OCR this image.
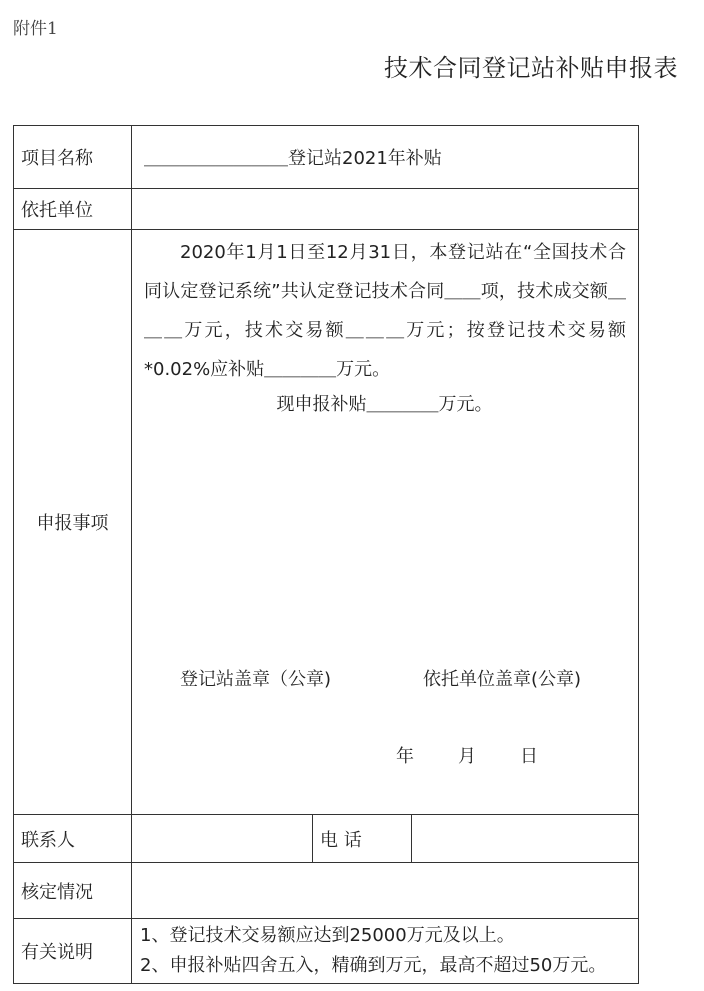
附件1
技术合同登记站补贴申报表
项目名称	＿＿＿＿＿＿＿＿登记站2021年补贴		
依托单位			
申报事项	2020年1月1日至12月31日，本登记站在“全国技术合同认定登记系统”共认定登记技术合同＿＿项，技术成交额＿＿＿万元，技术交易额＿＿＿万元；按登记技术交易额*0.02%应补贴＿＿＿＿万元。
现申报补贴＿＿＿＿万元。
登记站盖章（公章) 依托单位盖章(公章)
年 月 日		

联系人		电 话	
核定情况			
有关说明	1、登记技术交易额应达到25000万元及以上。
2、申报补贴四舍五入，精确到万元，最高不超过50万元。		
